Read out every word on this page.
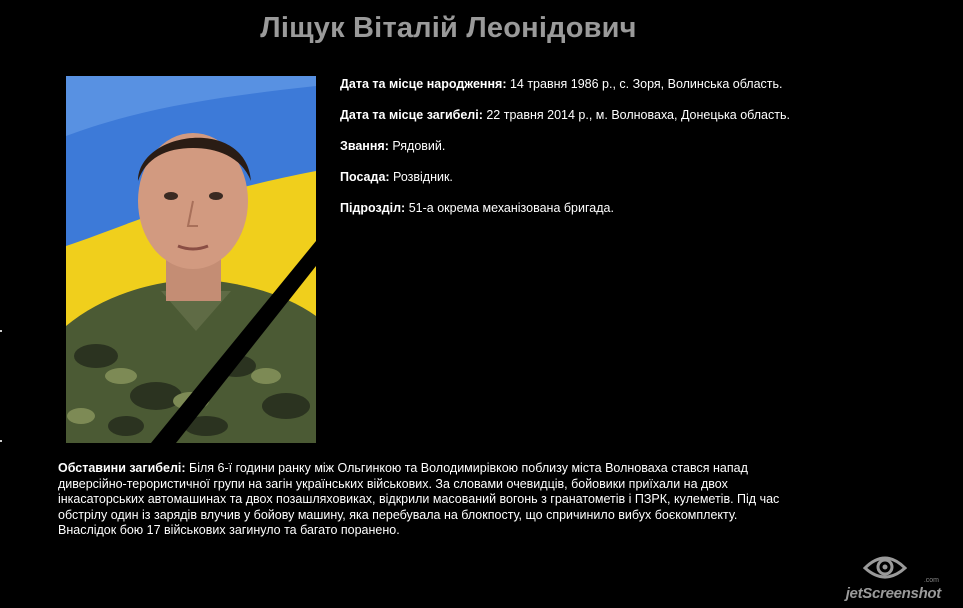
Ліщук Віталій Леонідович
Дата та місце народження: 14 травня 1986 р., с. Зоря, Волинська область.
Дата та місце загибелі: 22 травня 2014 р., м. Волноваха, Донецька область.
Звання: Рядовий.
Посада: Розвідник.
Підрозділ: 51-а окрема механізована бригада.
Обставини загибелі: Біля 6-ї години ранку між Ольгинкою та Володимирівкою поблизу міста Волноваха стався напад
диверсійно-терористичної групи на загін українських військових. За словами очевидців, бойовики приїхали на двох
інкасаторських автомашинах та двох позашляховиках, відкрили масований вогонь з гранатометів і ПЗРК, кулеметів. Під час
обстрілу один із зарядів влучив у бойову машину, яка перебувала на блокпосту, що спричинило вибух боєкомплекту.
Внаслідок бою 17 військових загинуло та багато поранено.
.com
jetScreenshot
